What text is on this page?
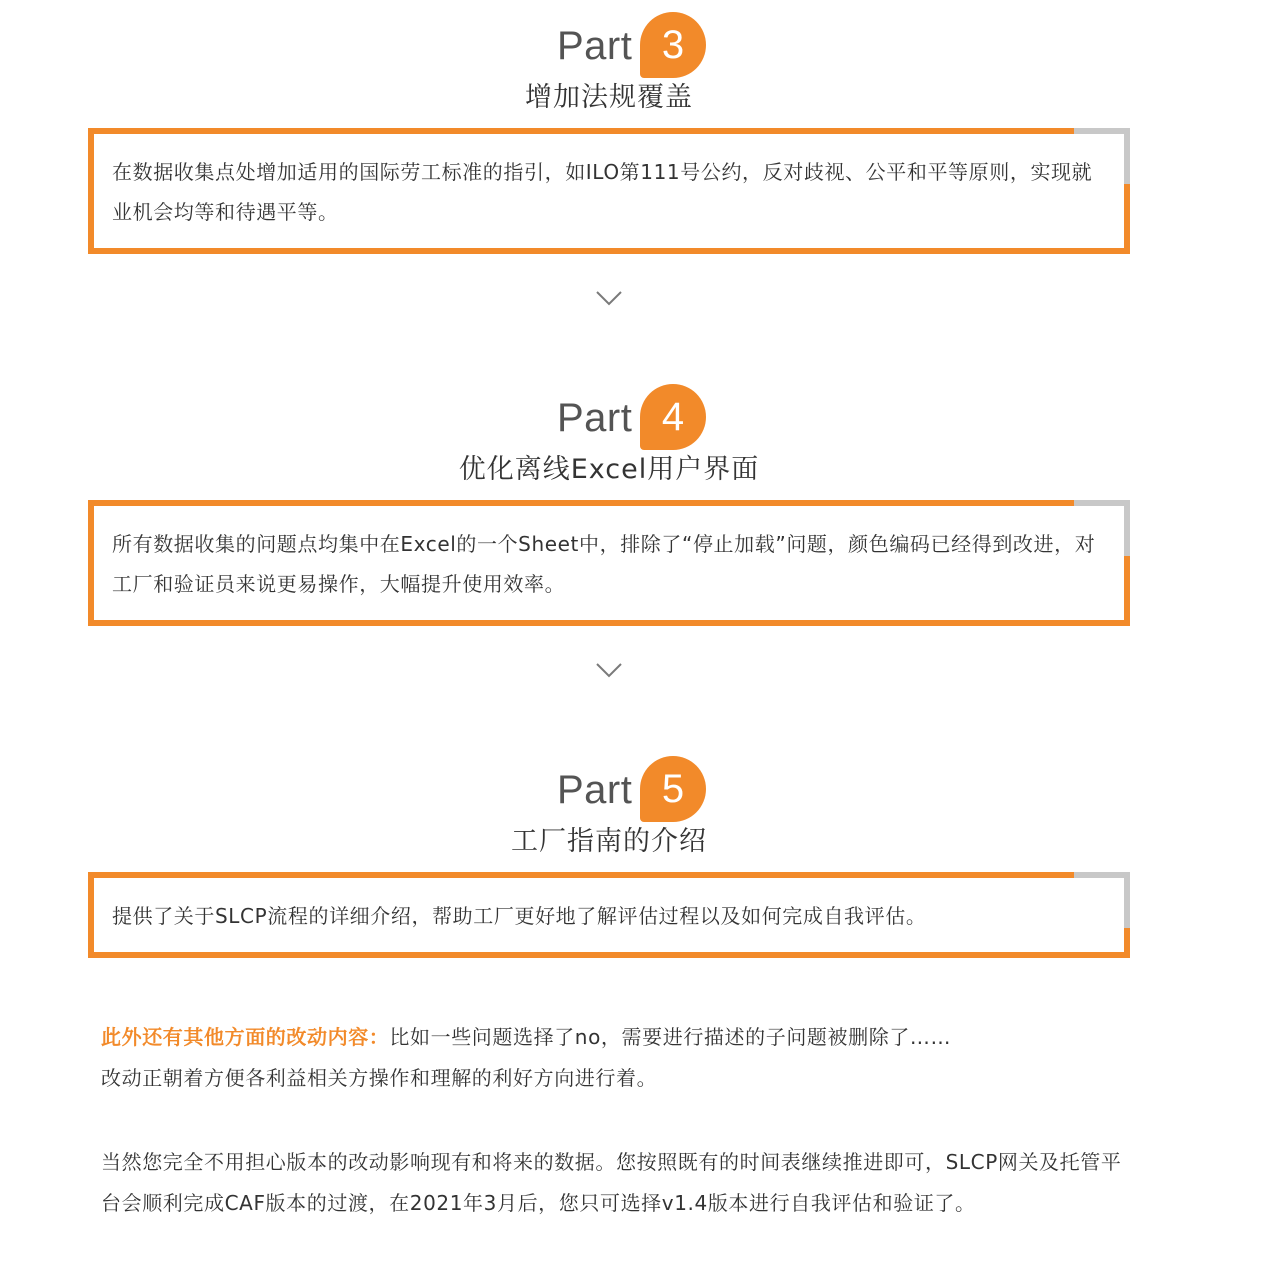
Part 3
增加法规覆盖
在数据收集点处增加适用的国际劳工标准的指引，如ILO第111号公约，反对歧视、公平和平等原则，实现就业机会均等和待遇平等。
Part 4
优化离线Excel用户界面
所有数据收集的问题点均集中在Excel的一个Sheet中，排除了“停止加载”问题，颜色编码已经得到改进，对工厂和验证员来说更易操作，大幅提升使用效率。
Part 5
工厂指南的介绍
提供了关于SLCP流程的详细介绍，帮助工厂更好地了解评估过程以及如何完成自我评估。
此外还有其他方面的改动内容：比如一些问题选择了no，需要进行描述的子问题被删除了……
改动正朝着方便各利益相关方操作和理解的利好方向进行着。
当然您完全不用担心版本的改动影响现有和将来的数据。您按照既有的时间表继续推进即可，SLCP网关及托管平台会顺利完成CAF版本的过渡，在2021年3月后，您只可选择v1.4版本进行自我评估和验证了。
